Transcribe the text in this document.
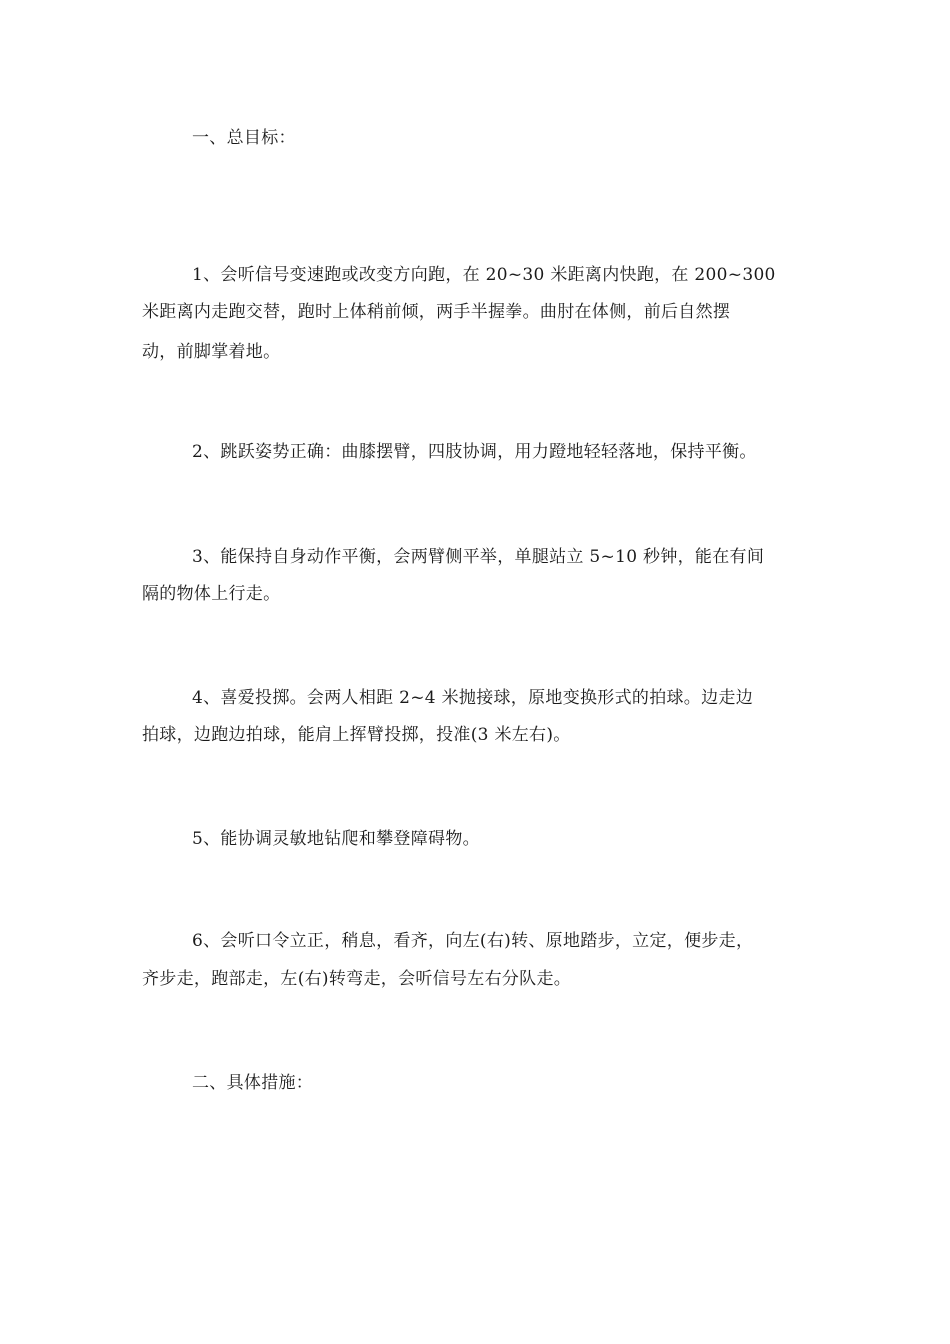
一、总目标：
1、会听信号变速跑或改变方向跑，在 20~30 米距离内快跑，在 200~300
米距离内走跑交替，跑时上体稍前倾，两手半握拳。曲肘在体侧，前后自然摆
动，前脚掌着地。
2、跳跃姿势正确：曲膝摆臂，四肢协调，用力蹬地轻轻落地，保持平衡。
3、能保持自身动作平衡，会两臂侧平举，单腿站立 5~10 秒钟，能在有间
隔的物体上行走。
4、喜爱投掷。会两人相距 2~4 米抛接球，原地变换形式的拍球。边走边
拍球，边跑边拍球，能肩上挥臂投掷，投准(3 米左右)。
5、能协调灵敏地钻爬和攀登障碍物。
6、会听口令立正，稍息，看齐，向左(右)转、原地踏步，立定，便步走，
齐步走，跑部走，左(右)转弯走，会听信号左右分队走。
二、具体措施：
